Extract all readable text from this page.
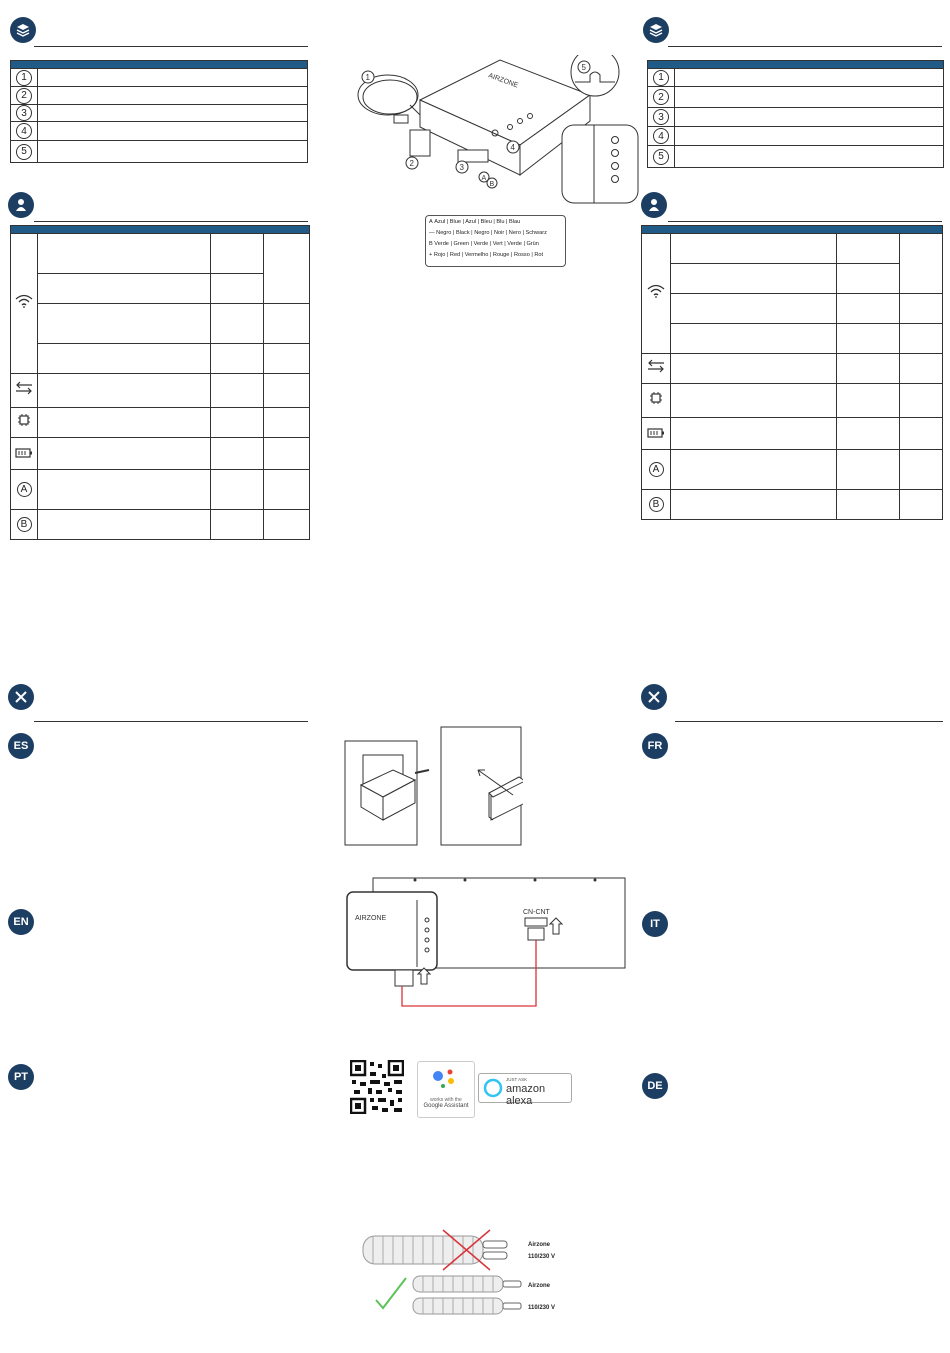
1	

2	

3	

4	

5	

A			

B			

ES
EN
PT

1	

2	

3	

4	

5	

A			

B			

FR
IT
DE
AIRZONE
1
2	3
4
5
A
B
A Azul | Blue | Azul | Bleu | Blu | Blau
— Negro | Black | Negro | Noir | Nero | Schwarz
B Verde | Green | Verde | Vert | Verde | Grün
+ Rojo | Red | Vermelho | Rouge | Rosso | Rot
AIRZONE
CN-CNT
works with the
Google Assistant
JUST ASK
amazon alexa
Airzone
110/230 V
Airzone
110/230 V
